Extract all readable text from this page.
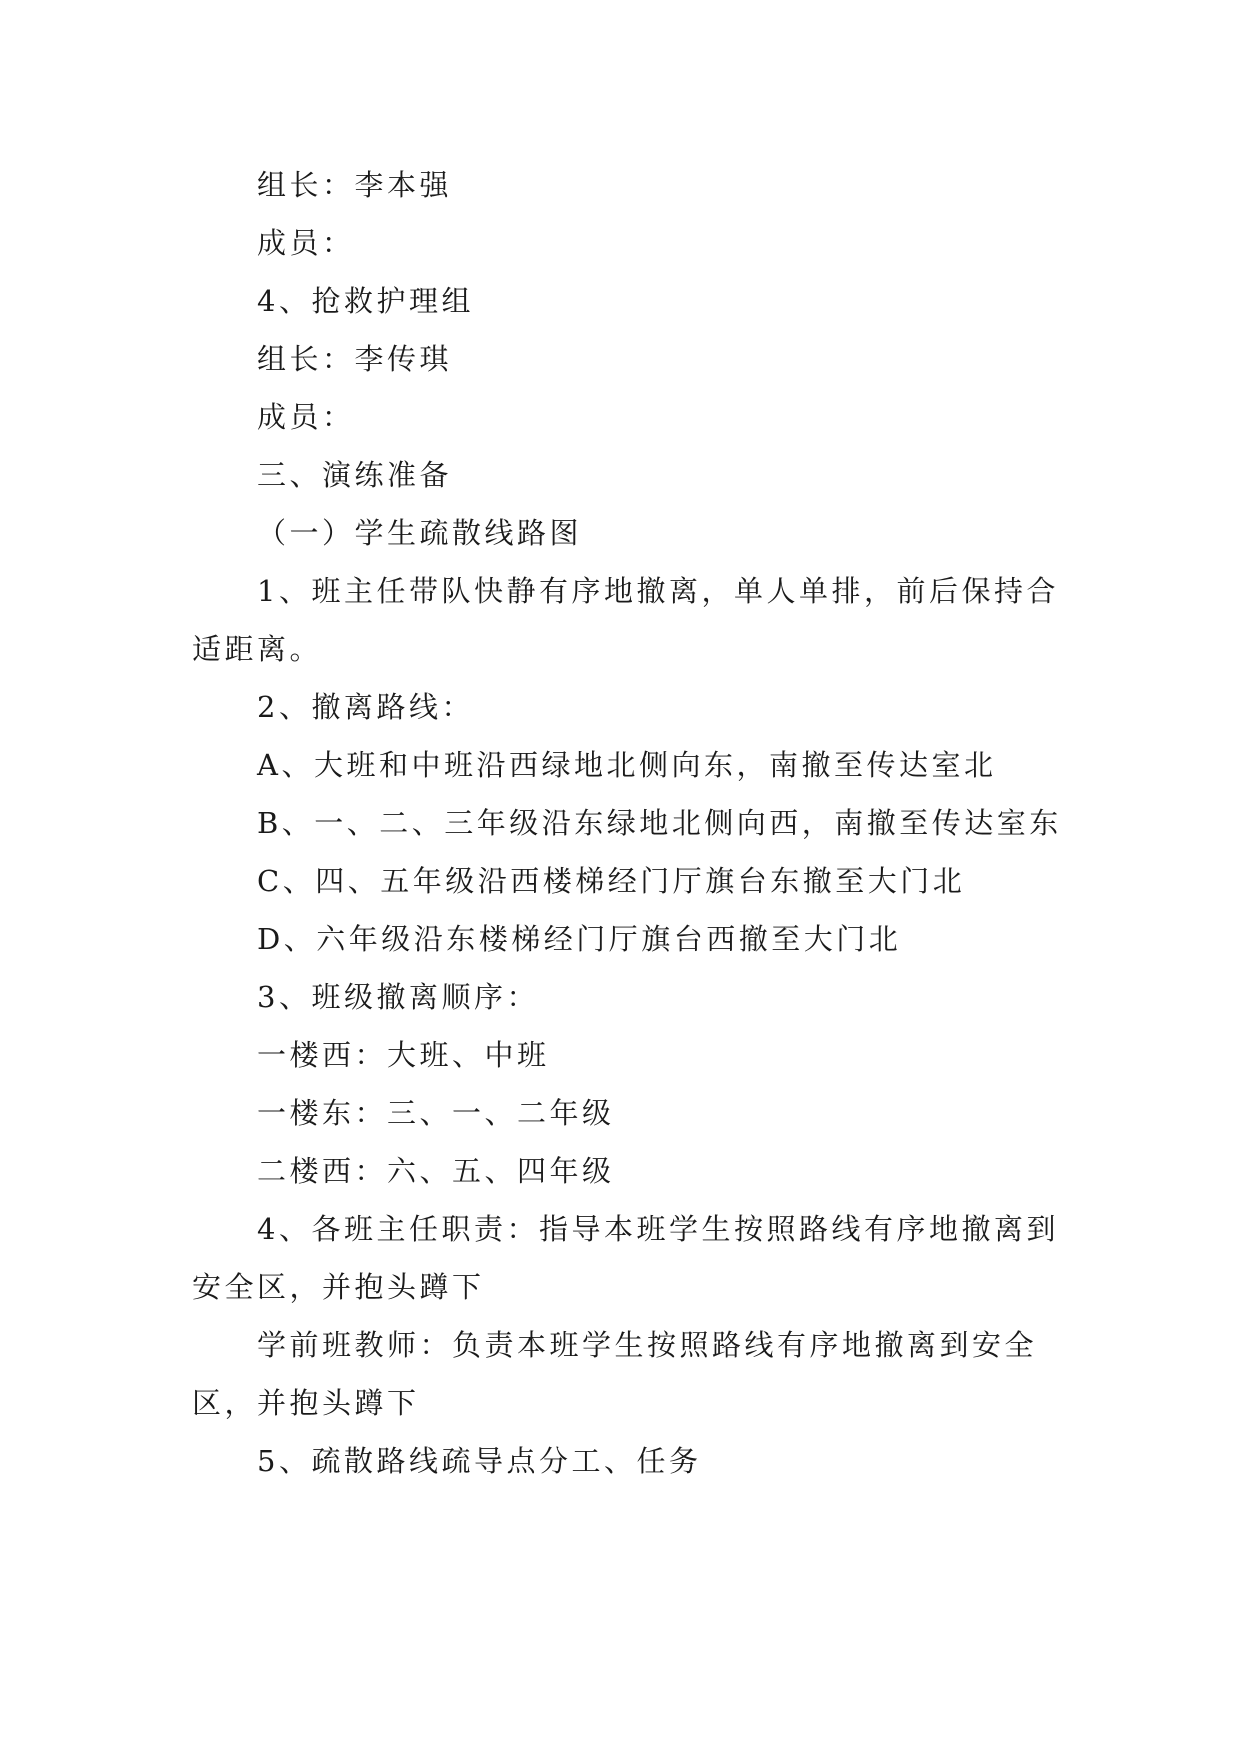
组长：李本强

成员：

4、抢救护理组

组长：李传琪

成员：

三、演练准备

（一）学生疏散线路图

1、班主任带队快静有序地撤离，单人单排，前后保持合适距离。

2、撤离路线：

A、大班和中班沿西绿地北侧向东，南撤至传达室北

B、一、二、三年级沿东绿地北侧向西，南撤至传达室东

C、四、五年级沿西楼梯经门厅旗台东撤至大门北

D、六年级沿东楼梯经门厅旗台西撤至大门北

3、班级撤离顺序：

一楼西：大班、中班

一楼东：三、一、二年级

二楼西：六、五、四年级

4、各班主任职责：指导本班学生按照路线有序地撤离到安全区，并抱头蹲下

学前班教师：负责本班学生按照路线有序地撤离到安全区，并抱头蹲下

5、疏散路线疏导点分工、任务
